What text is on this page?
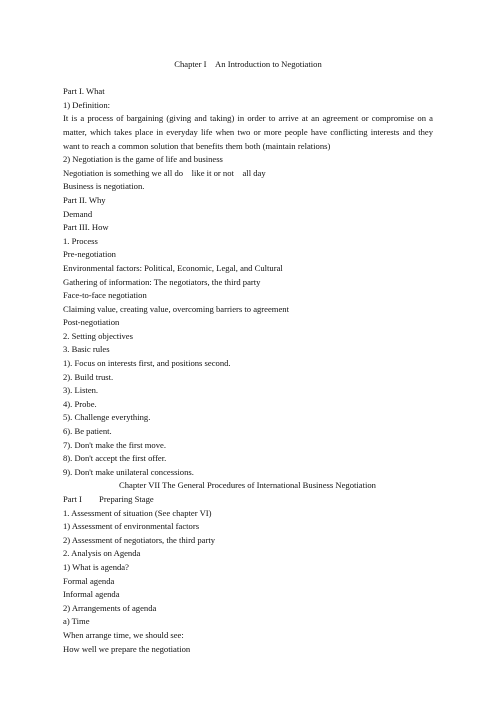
Chapter I An Introduction to Negotiation
Part I. What
1) Definition:
It is a process of bargaining (giving and taking) in order to arrive at an agreement or compromise on a matter, which takes place in everyday life when two or more people have conflicting interests and they want to reach a common solution that benefits them both (maintain relations)
2) Negotiation is the game of life and business
Negotiation is something we all do like it or not all day
Business is negotiation.
Part II. Why
Demand
Part III. How
1. Process
Pre-negotiation
Environmental factors: Political, Economic, Legal, and Cultural
Gathering of information: The negotiators, the third party
Face-to-face negotiation
Claiming value, creating value, overcoming barriers to agreement
Post-negotiation
2. Setting objectives
3. Basic rules
1). Focus on interests first, and positions second.
2). Build trust.
3). Listen.
4). Probe.
5). Challenge everything.
6). Be patient.
7). Don't make the first move.
8). Don't accept the first offer.
9). Don't make unilateral concessions.
Chapter VII The General Procedures of International Business Negotiation
Part I  Preparing Stage
1. Assessment of situation (See chapter VI)
1) Assessment of environmental factors
2) Assessment of negotiators, the third party
2. Analysis on Agenda
1) What is agenda?
Formal agenda
Informal agenda
2) Arrangements of agenda
a) Time
When arrange time, we should see:
How well we prepare the negotiation
